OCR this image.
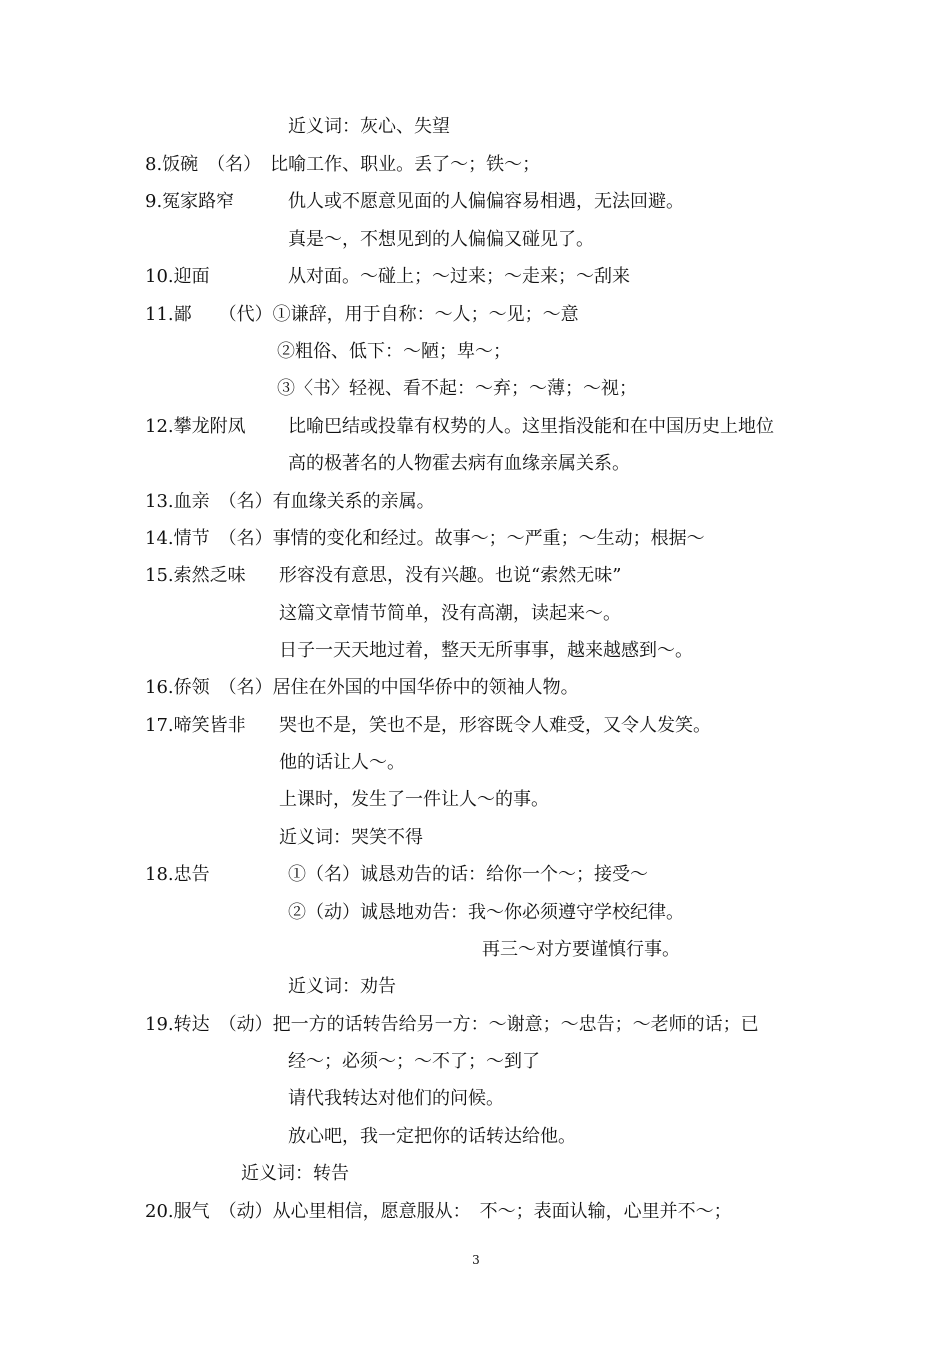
近义词：灰心、失望
8.饭碗　（名）　比喻工作、职业。丢了～；铁～；
9.冤家路窄	仇人或不愿意见面的人偏偏容易相遇，无法回避。
真是～，不想见到的人偏偏又碰见了。
10.迎面	从对面。～碰上；～过来；～走来；～刮来
11.鄙　　（代）①谦辞，用于自称：～人；～见；～意
②粗俗、低下：～陋；卑～；
③〈书〉轻视、看不起：～弃；～薄；～视；
12.攀龙附凤 比喻巴结或投靠有权势的人。这里指没能和在中国历史上地位
高的极著名的人物霍去病有血缘亲属关系。
13.血亲　（名）有血缘关系的亲属。
14.情节　（名）事情的变化和经过。故事～；～严重；～生动；根据～
15.索然乏味 形容没有意思，没有兴趣。也说“索然无味”
这篇文章情节简单，没有高潮，读起来～。
日子一天天地过着，整天无所事事，越来越感到～。
16.侨领　（名）居住在外国的中国华侨中的领袖人物。
17.啼笑皆非 哭也不是，笑也不是，形容既令人难受，又令人发笑。
他的话让人～。
上课时，发生了一件让人～的事。
近义词：哭笑不得
18.忠告	①（名）诚恳劝告的话：给你一个～；接受～
②（动）诚恳地劝告：我～你必须遵守学校纪律。
再三～对方要谨慎行事。
近义词：劝告
19.转达　（动）把一方的话转告给另一方：～谢意；～忠告；～老师的话；已
经～；必须～；～不了；～到了
请代我转达对他们的问候。
放心吧，我一定把你的话转达给他。
近义词：转告
20.服气　（动）从心里相信，愿意服从：　不～；表面认输，心里并不～；
3
